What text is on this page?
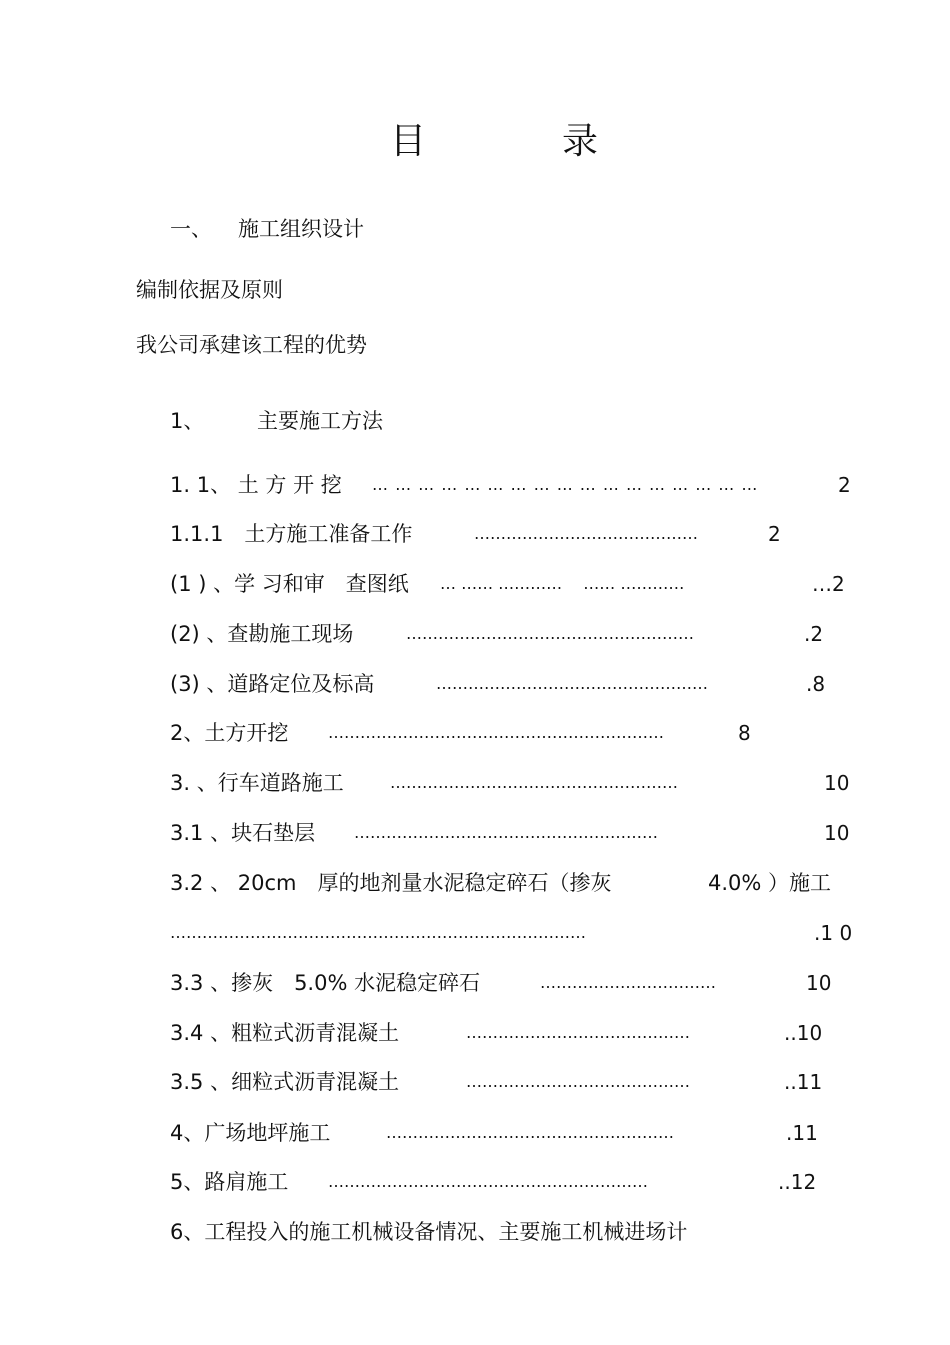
目	录
一、 施工组织设计
编制依据及原则
我公司承建该工程的优势
1、	主要施工方法
1. 1、 土 方 开 挖 … … … … … … … … … … … … … … … … …	2
1.1.1　土方施工准备工作	……………………………………	2
(1 ) 、学 习和审　查图纸 … …… …………　 …… …………　	…2
(2) 、查勘施工现场	………………………………………………	.2
(3) 、道路定位及标高	……………………………………………	.8
2、土方开挖 ………………………………………………………	8
3. 、行车道路施工	………………………………………………	10
3.1 、块石垫层 …………………………………………………	10
3.2 、 20cm　厚的地剂量水泥稳定碎石（掺灰	4.0% ）施工
……………………………………………………………………	.1 0
3.3 、掺灰　5.0% 水泥稳定碎石	……………………………	10
3.4 、粗粒式沥青混凝土	……………………………………	..10
3.5 、细粒式沥青混凝土	……………………………………	..11
4、广场地坪施工	………………………………………………	.11
5、路肩施工 ……………………………………………………	..12
6、工程投入的施工机械设备情况、主要施工机械进场计
